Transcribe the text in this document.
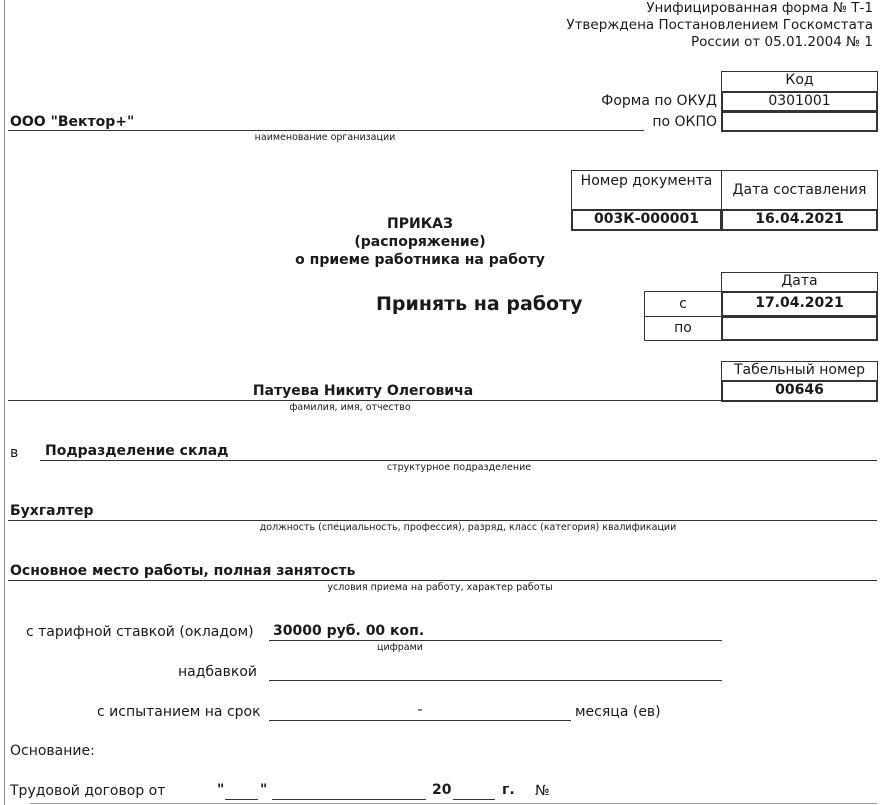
Унифицированная форма № Т-1
Утверждена Постановлением Госкомстата
России от 05.01.2004 № 1
Код
0301001
Форма по ОКУД
по ОКПО
ООО "Вектор+"
наименование организации
Номер документа
Дата составления
003К-000001	16.04.2021
ПРИКАЗ
(распоряжение)
о приеме работника на работу
Принять на работу
Дата
с	17.04.2021
по
Табельный номер
00646
Патуева Никиту Олеговича
фамилия, имя, отчество
в Подразделение склад
структурное подразделение
Бухгалтер
должность (специальность, профессия), разряд, класс (категория) квалификации
Основное место работы, полная занятость
условия приема на работу, характер работы
с тарифной ставкой (окладом) 30000 руб. 00 коп.
цифрами
надбавкой
с испытанием на срок	-	месяца (ев)
Основание:
Трудовой договор от	"	"	20	г. №
